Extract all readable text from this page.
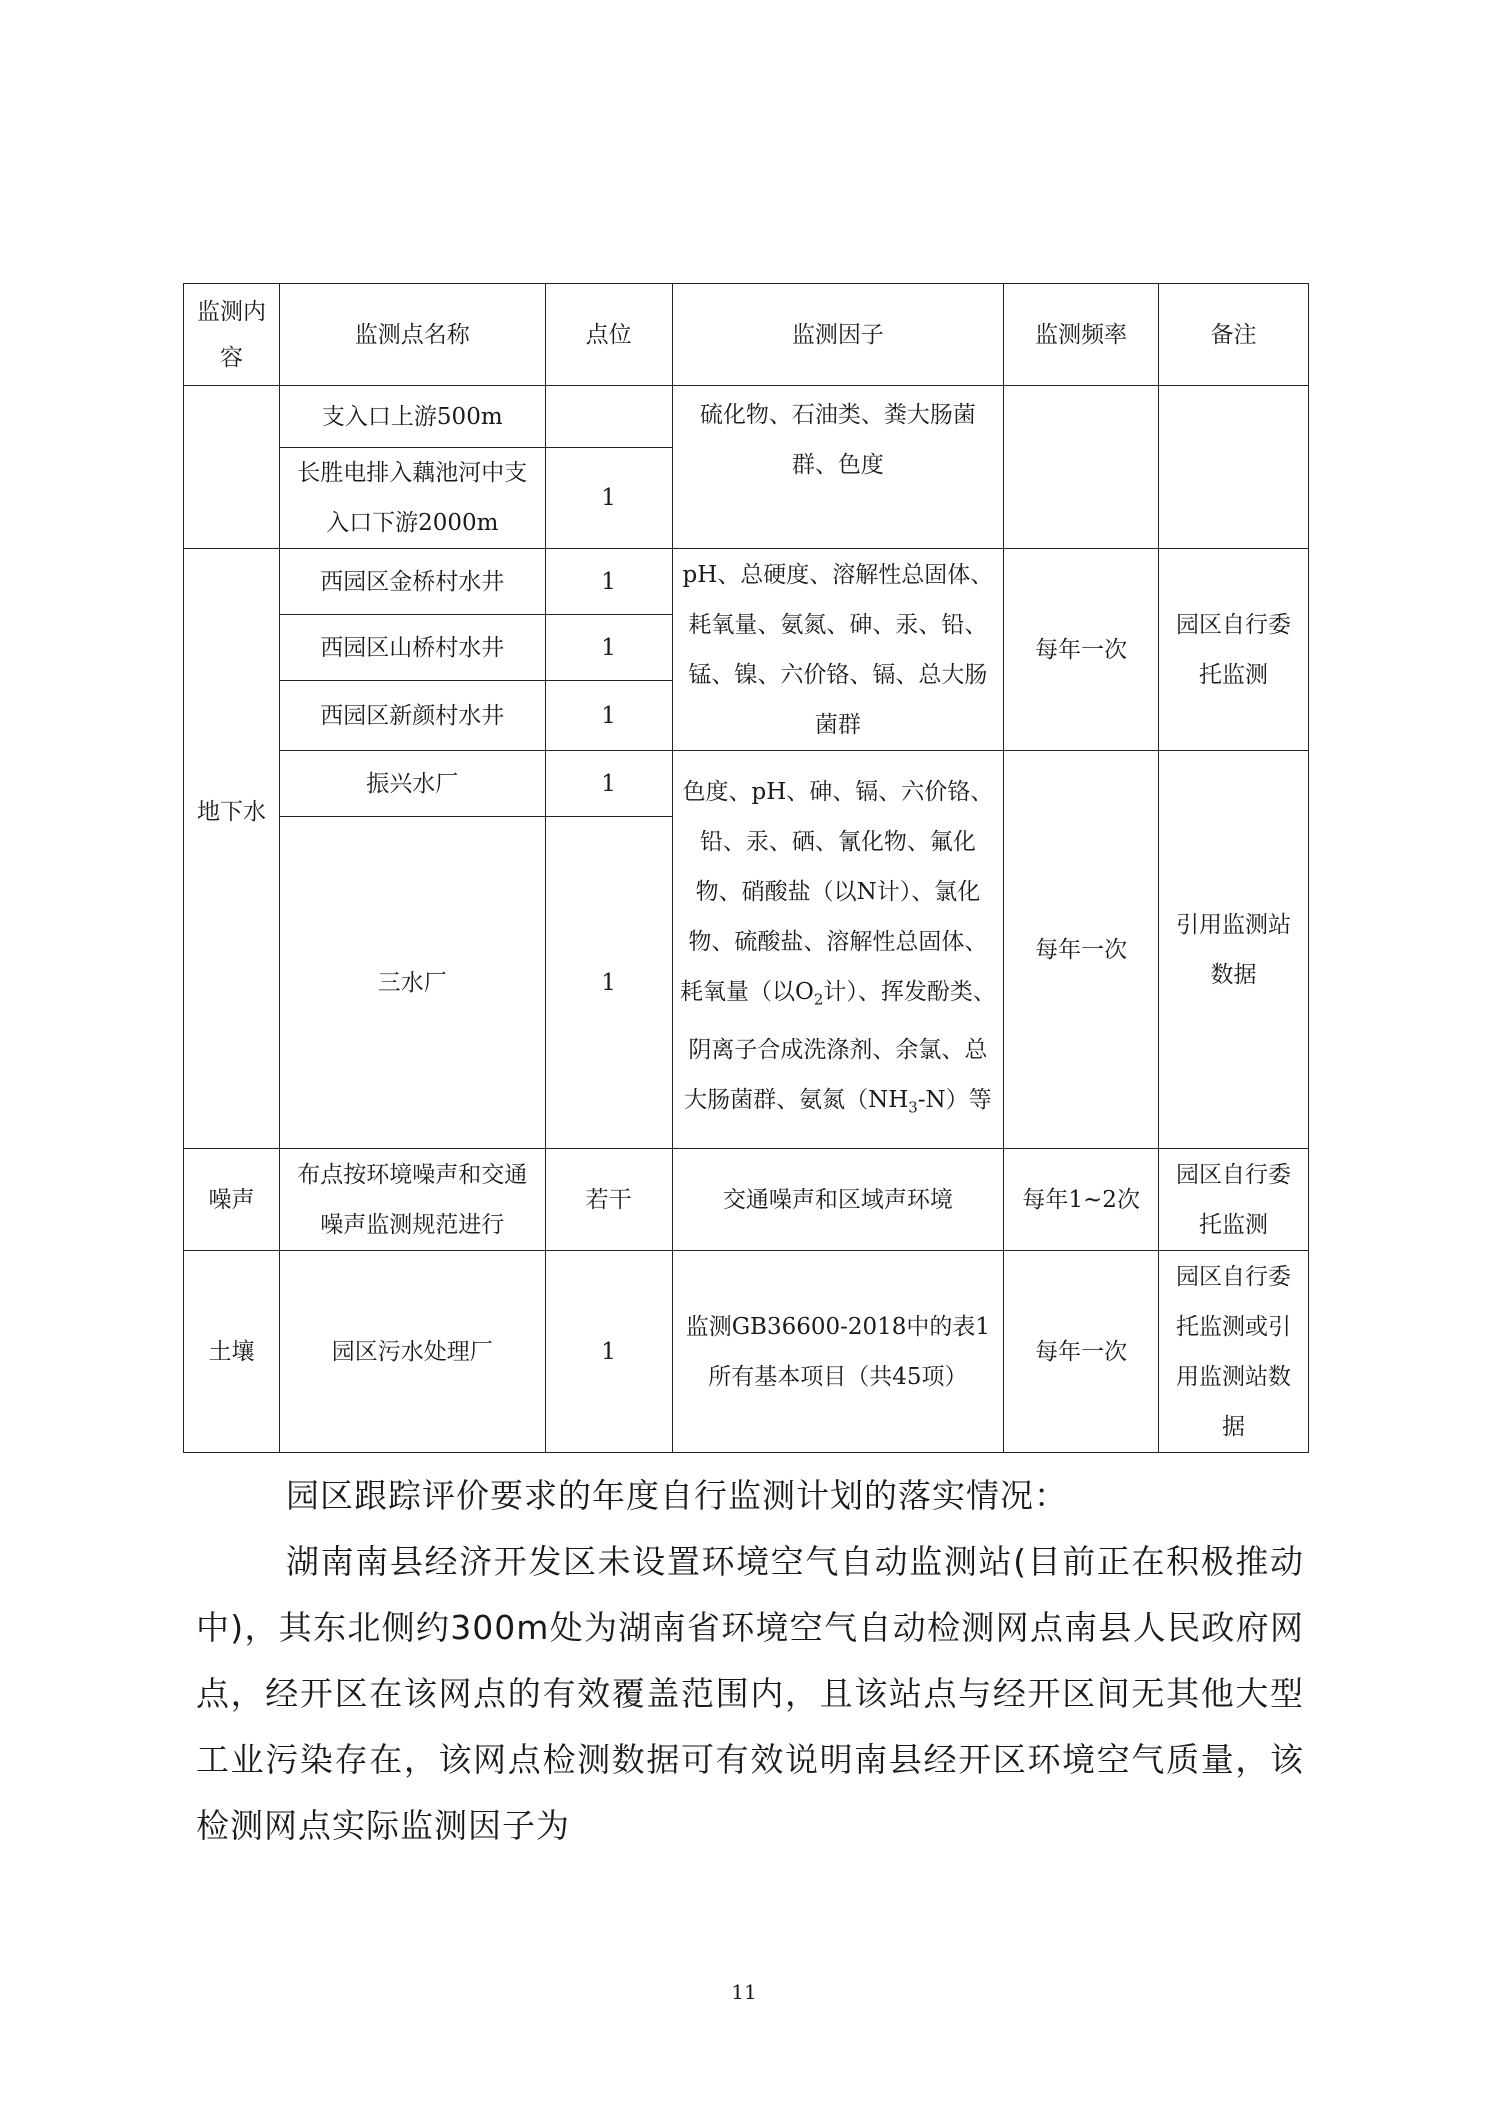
监测内容	监测点名称	点位	监测因子	监测频率	备注
	支入口上游500m		硫化物、石油类、粪大肠菌群、色度		
	长胜电排入藕池河中支入口下游2000m	1			
地下水	西园区金桥村水井	1	pH、总硬度、溶解性总固体、耗氧量、氨氮、砷、汞、铅、锰、镍、六价铬、镉、总大肠菌群	每年一次	园区自行委托监测
	西园区山桥村水井	1			
	西园区新颜村水井	1			
	振兴水厂	1	色度、pH、砷、镉、六价铬、铅、汞、硒、氰化物、氟化物、硝酸盐（以N计）、氯化物、硫酸盐、溶解性总固体、耗氧量（以$O_2$计）、挥发酚类、阴离子合成洗涤剂、余氯、总大肠菌群、氨氮$(NH_3-N)$等	每年一次	引用监测站数据
	三水厂	1			
噪声	布点按环境噪声和交通噪声监测规范进行	若干	交通噪声和区域声环境	每年1~2次	园区自行委托监测
土壤	园区污水处理厂	1	监测GB36600-2018中的表1所有基本项目（共45项）	每年一次	园区自行委托监测或引用监测站数据

园区跟踪评价要求的年度自行监测计划的落实情况：

湖南南县经济开发区未设置环境空气自动监测站(目前正在积极推动中)，其东北侧约300m处为湖南省环境空气自动检测网点南县人民政府网点，经开区在该网点的有效覆盖范围内，且该站点与经开区间无其他大型工业污染存在，该网点检测数据可有效说明南县经开区环境空气质量，该检测网点实际监测因子为

11
